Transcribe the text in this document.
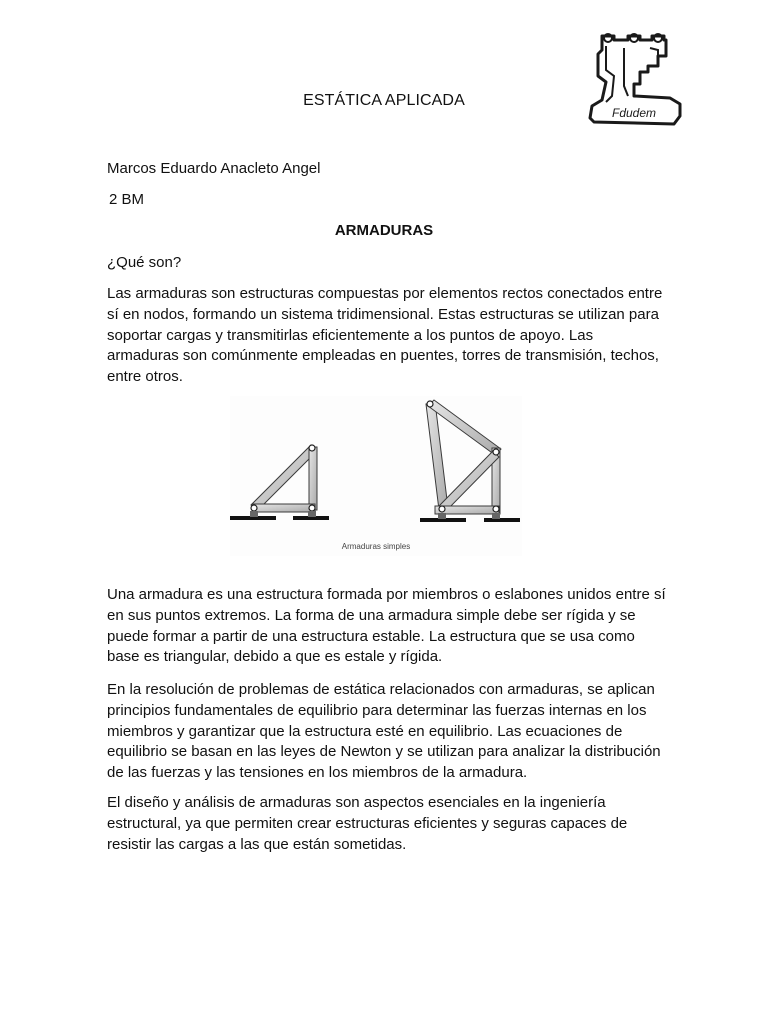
Fdudem
ESTÁTICA APLICADA
Marcos Eduardo Anacleto Angel
2 BM
ARMADURAS
¿Qué son?

Las armaduras son estructuras compuestas por elementos rectos conectados entre sí en nodos, formando un sistema tridimensional. Estas estructuras se utilizan para soportar cargas y transmitirlas eficientemente a los puntos de apoyo. Las armaduras son comúnmente empleadas en puentes, torres de transmisión, techos, entre otros.

Armaduras simples

Una armadura es una estructura formada por miembros o eslabones unidos entre sí en sus puntos extremos. La forma de una armadura simple debe ser rígida y se puede formar a partir de una estructura estable. La estructura que se usa como base es triangular, debido a que es estale y rígida.

En la resolución de problemas de estática relacionados con armaduras, se aplican principios fundamentales de equilibrio para determinar las fuerzas internas en los miembros y garantizar que la estructura esté en equilibrio. Las ecuaciones de equilibrio se basan en las leyes de Newton y se utilizan para analizar la distribución de las fuerzas y las tensiones en los miembros de la armadura.

El diseño y análisis de armaduras son aspectos esenciales en la ingeniería estructural, ya que permiten crear estructuras eficientes y seguras capaces de resistir las cargas a las que están sometidas.
